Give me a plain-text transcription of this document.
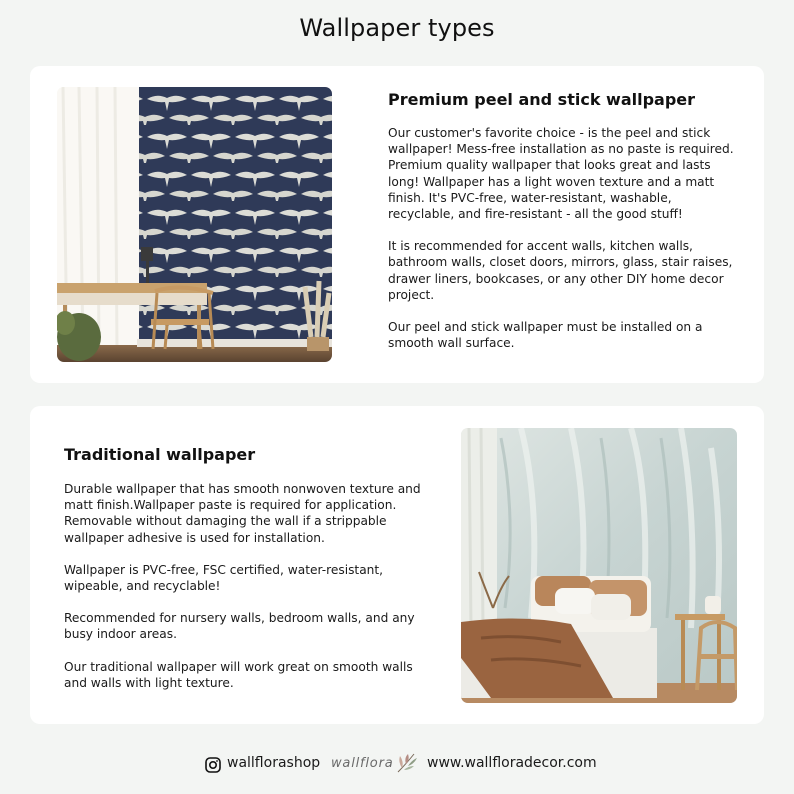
Wallpaper types
Premium peel and stick wallpaper

Our customer's favorite choice - is the peel and stick wallpaper! Mess-free installation as no paste is required. Premium quality wallpaper that looks great and lasts long! Wallpaper has a light woven texture and a matt finish. It's PVC-free, water-resistant, washable, recyclable, and fire-resistant - all the good stuff!

It is recommended for accent walls, kitchen walls, bathroom walls, closet doors, mirrors, glass, stair raises, drawer liners, bookcases, or any other DIY home decor project.

Our peel and stick wallpaper must be installed on a smooth wall surface.

Traditional wallpaper

Durable wallpaper that has smooth nonwoven texture and matt finish.Wallpaper paste is required for application. Removable without damaging the wall if a strippable wallpaper adhesive is used for installation.

Wallpaper is PVC-free, FSC certified, water-resistant, wipeable, and recyclable!

Recommended for nursery walls, bedroom walls, and any busy indoor areas.

Our traditional wallpaper will work great on smooth walls and walls with light texture.

wallflorashop wallflora www.wallfloradecor.com
